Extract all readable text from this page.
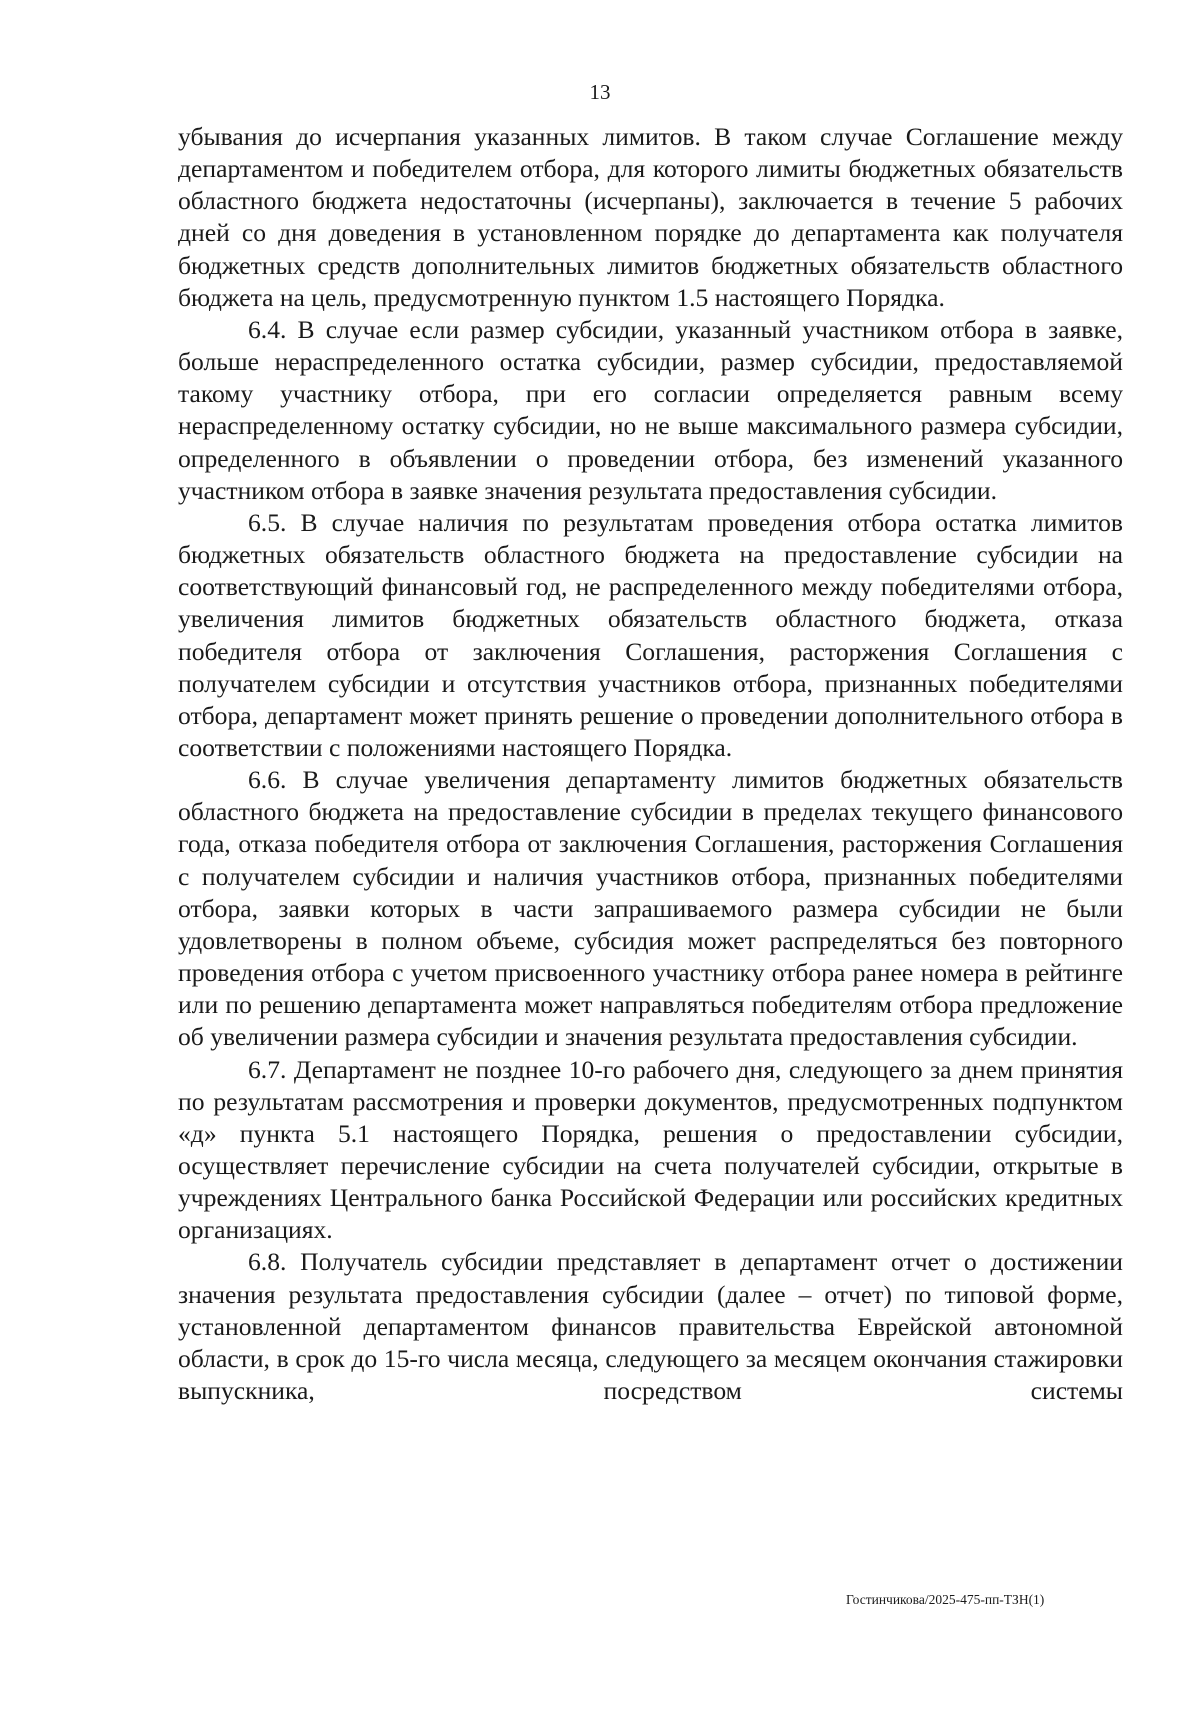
13

убывания до исчерпания указанных лимитов. В таком случае Соглашение между департаментом и победителем отбора, для которого лимиты бюджетных обязательств областного бюджета недостаточны (исчерпаны), заключается в течение 5 рабочих дней со дня доведения в установленном порядке до департамента как получателя бюджетных средств дополнительных лимитов бюджетных обязательств областного бюджета на цель, предусмотренную пунктом 1.5 настоящего Порядка.

6.4. В случае если размер субсидии, указанный участником отбора в заявке, больше нераспределенного остатка субсидии, размер субсидии, предоставляемой такому участнику отбора, при его согласии определяется равным всему нераспределенному остатку субсидии, но не выше максимального размера субсидии, определенного в объявлении о проведении отбора, без изменений указанного участником отбора в заявке значения результата предоставления субсидии.

6.5. В случае наличия по результатам проведения отбора остатка лимитов бюджетных обязательств областного бюджета на предоставление субсидии на соответствующий финансовый год, не распределенного между победителями отбора, увеличения лимитов бюджетных обязательств областного бюджета, отказа победителя отбора от заключения Соглашения, расторжения Соглашения с получателем субсидии и отсутствия участников отбора, признанных победителями отбора, департамент может принять решение о проведении дополнительного отбора в соответствии с положениями настоящего Порядка.

6.6. В случае увеличения департаменту лимитов бюджетных обязательств областного бюджета на предоставление субсидии в пределах текущего финансового года, отказа победителя отбора от заключения Соглашения, расторжения Соглашения с получателем субсидии и наличия участников отбора, признанных победителями отбора, заявки которых в части запрашиваемого размера субсидии не были удовлетворены в полном объеме, субсидия может распределяться без повторного проведения отбора с учетом присвоенного участнику отбора ранее номера в рейтинге или по решению департамента может направляться победителям отбора предложение об увеличении размера субсидии и значения результата предоставления субсидии.

6.7. Департамент не позднее 10-го рабочего дня, следующего за днем принятия по результатам рассмотрения и проверки документов, предусмотренных подпунктом «д» пункта 5.1 настоящего Порядка, решения о предоставлении субсидии, осуществляет перечисление субсидии на счета получателей субсидии, открытые в учреждениях Центрального банка Российской Федерации или российских кредитных организациях.

6.8. Получатель субсидии представляет в департамент отчет о достижении значения результата предоставления субсидии (далее – отчет) по типовой форме, установленной департаментом финансов правительства Еврейской автономной области, в срок до 15-го числа месяца, следующего за месяцем окончания стажировки выпускника, посредством системы

Гостинчикова/2025-475-пп-ТЗН(1)
